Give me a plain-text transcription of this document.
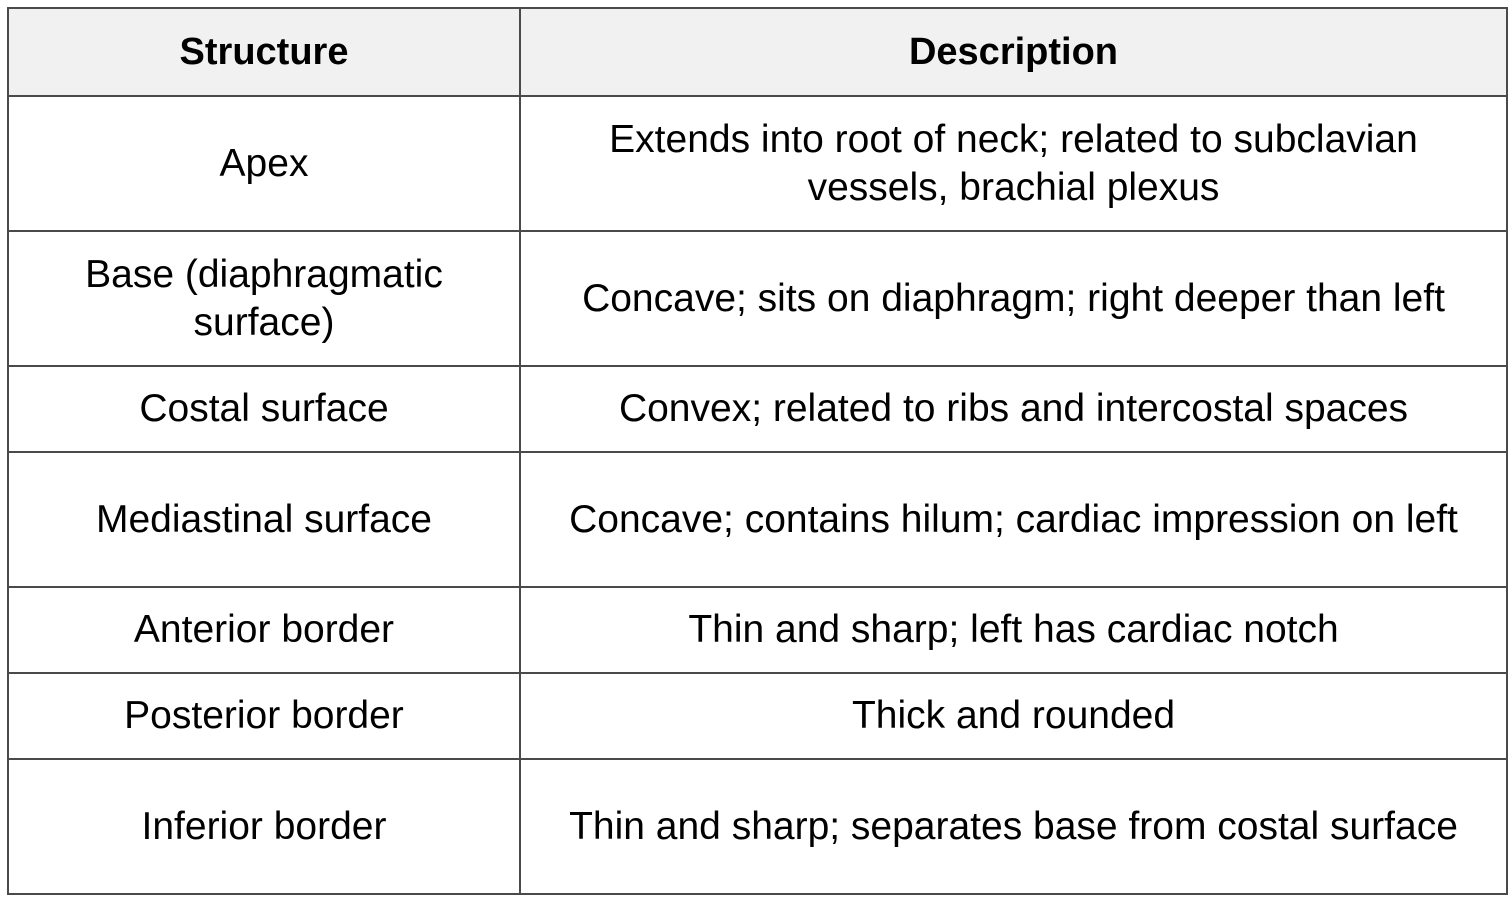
Structure	Description
Apex	Extends into root of neck; related to subclavian vessels, brachial plexus
Base (diaphragmatic surface)	Concave; sits on diaphragm; right deeper than left
Costal surface	Convex; related to ribs and intercostal spaces
Mediastinal surface	Concave; contains hilum; cardiac impression on left
Anterior border	Thin and sharp; left has cardiac notch
Posterior border	Thick and rounded
Inferior border	Thin and sharp; separates base from costal surface
